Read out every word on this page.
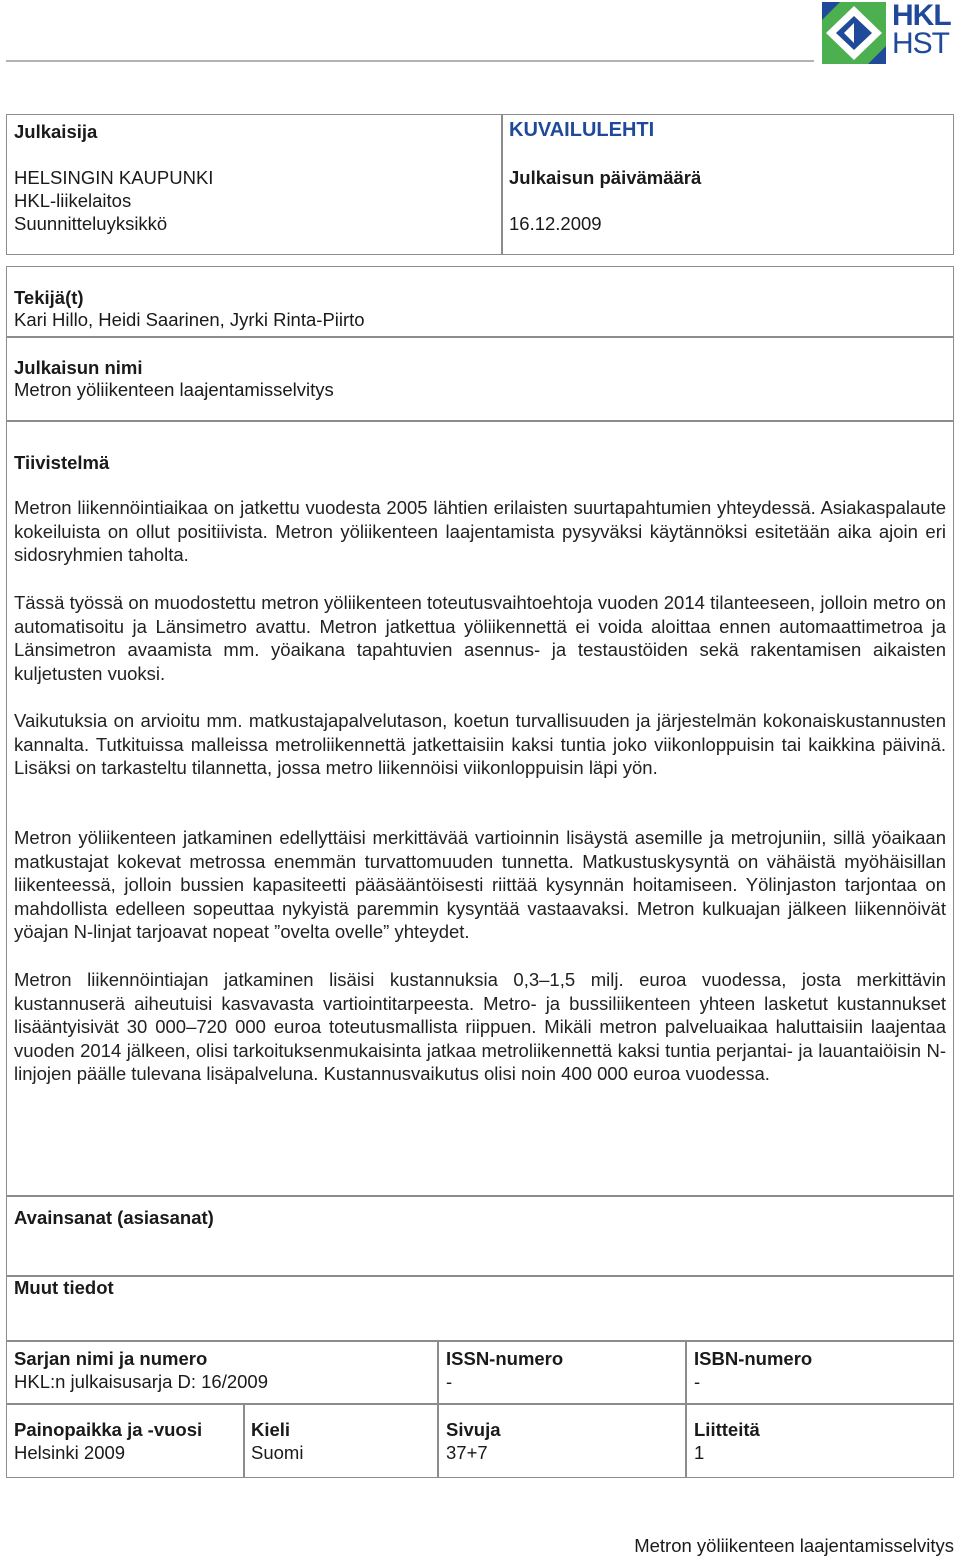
HKL
HST
Julkaisija
HELSINGIN KAUPUNKI
HKL-liikelaitos
Suunnitteluyksikkö
KUVAILULEHTI
Julkaisun päivämäärä
16.12.2009
Tekijä(t)
Kari Hillo, Heidi Saarinen, Jyrki Rinta-Piirto
Julkaisun nimi
Metron yöliikenteen laajentamisselvitys
Tiivistelmä

Metron liikennöintiaikaa on jatkettu vuodesta 2005 lähtien erilaisten suurtapahtumien yhteydessä. Asiakaspalaute kokeiluista on ollut positiivista. Metron yöliikenteen laajentamista pysyväksi käytännöksi esitetään aika ajoin eri sidosryhmien taholta.

Tässä työssä on muodostettu metron yöliikenteen toteutusvaihtoehtoja vuoden 2014 tilanteeseen, jolloin metro on automatisoitu ja Länsimetro avattu. Metron jatkettua yöliikennettä ei voida aloittaa ennen automaattimetroa ja Länsimetron avaamista mm. yöaikana tapahtuvien asennus- ja testaustöiden sekä rakentamisen aikaisten kuljetusten vuoksi.

Vaikutuksia on arvioitu mm. matkustajapalvelutason, koetun turvallisuuden ja järjestelmän kokonaiskustannusten kannalta. Tutkituissa malleissa metroliikennettä jatkettaisiin kaksi tuntia joko viikonloppuisin tai kaikkina päivinä. Lisäksi on tarkasteltu tilannetta, jossa metro liikennöisi viikonloppuisin läpi yön.

Metron yöliikenteen jatkaminen edellyttäisi merkittävää vartioinnin lisäystä asemille ja metrojuniin, sillä yöaikaan matkustajat kokevat metrossa enemmän turvattomuuden tunnetta. Matkustuskysyntä on vähäistä myöhäisillan liikenteessä, jolloin bussien kapasiteetti pääsääntöisesti riittää kysynnän hoitamiseen. Yölinjaston tarjontaa on mahdollista edelleen sopeuttaa nykyistä paremmin kysyntää vastaavaksi. Metron kulkuajan jälkeen liikennöivät yöajan N-linjat tarjoavat nopeat ”ovelta ovelle” yhteydet.

Metron liikennöintiajan jatkaminen lisäisi kustannuksia 0,3–1,5 milj. euroa vuodessa, josta merkittävin kustannuserä aiheutuisi kasvavasta vartiointitarpeesta. Metro- ja bussiliikenteen yhteen lasketut kustannukset lisääntyisivät 30 000–720 000 euroa toteutusmallista riippuen. Mikäli metron palveluaikaa haluttaisiin laajentaa vuoden 2014 jälkeen, olisi tarkoituksenmukaisinta jatkaa metroliikennettä kaksi tuntia perjantai- ja lauantaiöisin N-linjojen päälle tulevana lisäpalveluna. Kustannusvaikutus olisi noin 400 000 euroa vuodessa.

Avainsanat (asiasanat)
Muut tiedot
Sarjan nimi ja numero
HKL:n julkaisusarja D: 16/2009
ISSN-numero
-
ISBN-numero
-
Painopaikka ja -vuosi
Helsinki 2009
Kieli
Suomi
Sivuja
37+7
Liitteitä
1
Metron yöliikenteen laajentamisselvitys
